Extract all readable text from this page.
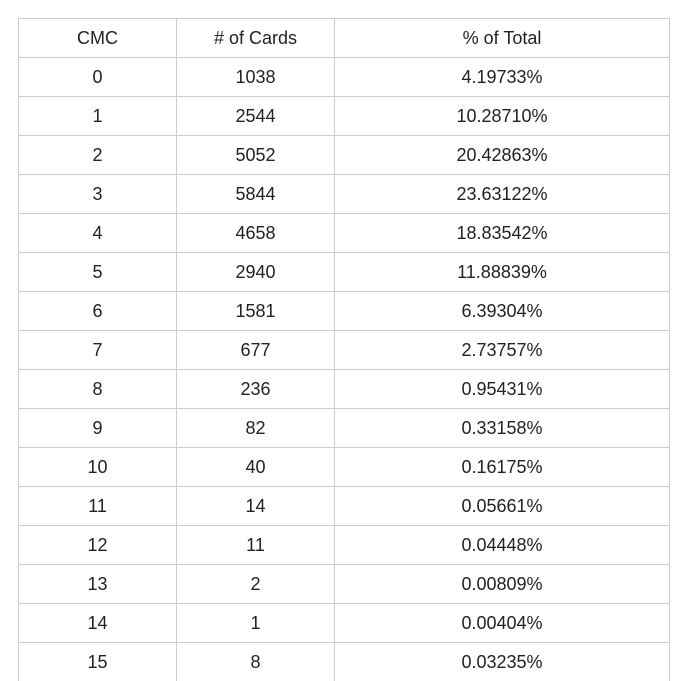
CMC	# of Cards	% of Total
0	1038	4.19733%
1	2544	10.28710%
2	5052	20.42863%
3	5844	23.63122%
4	4658	18.83542%
5	2940	11.88839%
6	1581	6.39304%
7	677	2.73757%
8	236	0.95431%
9	82	0.33158%
10	40	0.16175%
11	14	0.05661%
12	11	0.04448%
13	2	0.00809%
14	1	0.00404%
15	8	0.03235%
